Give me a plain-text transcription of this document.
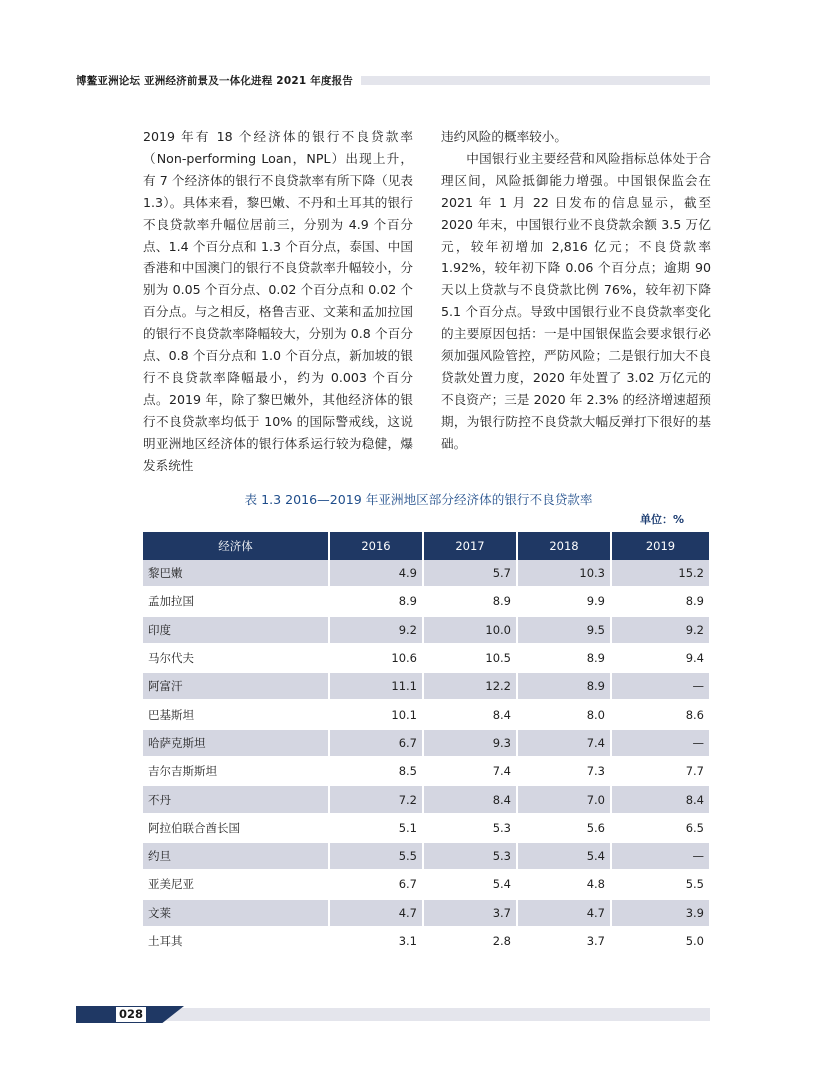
博鳌亚洲论坛 亚洲经济前景及一体化进程 2021 年度报告

2019 年有 18 个经济体的银行不良贷款率（Non-performing Loan，NPL）出现上升，有 7 个经济体的银行不良贷款率有所下降（见表 1.3）。具体来看，黎巴嫩、不丹和土耳其的银行不良贷款率升幅位居前三，分别为 4.9 个百分点、1.4 个百分点和 1.3 个百分点，泰国、中国香港和中国澳门的银行不良贷款率升幅较小，分别为 0.05 个百分点、0.02 个百分点和 0.02 个百分点。与之相反，格鲁吉亚、文莱和孟加拉国的银行不良贷款率降幅较大，分别为 0.8 个百分点、0.8 个百分点和 1.0 个百分点，新加坡的银行不良贷款率降幅最小，约为 0.003 个百分点。2019 年，除了黎巴嫩外，其他经济体的银行不良贷款率均低于 10% 的国际警戒线，这说明亚洲地区经济体的银行体系运行较为稳健，爆发系统性

违约风险的概率较小。

中国银行业主要经营和风险指标总体处于合理区间，风险抵御能力增强。中国银保监会在 2021 年 1 月 22 日发布的信息显示，截至 2020 年末，中国银行业不良贷款余额 3.5 万亿元，较年初增加 2,816 亿元；不良贷款率 1.92%，较年初下降 0.06 个百分点；逾期 90 天以上贷款与不良贷款比例 76%，较年初下降 5.1 个百分点。导致中国银行业不良贷款率变化的主要原因包括：一是中国银保监会要求银行必须加强风险管控，严防风险；二是银行加大不良贷款处置力度，2020 年处置了 3.02 万亿元的不良资产；三是 2020 年 2.3% 的经济增速超预期，为银行防控不良贷款大幅反弹打下很好的基础。

表 1.3 2016—2019 年亚洲地区部分经济体的银行不良贷款率
单位：%
经济体	2016	2017	2018	2019
黎巴嫩	4.9	5.7	10.3	15.2
孟加拉国	8.9	8.9	9.9	8.9
印度	9.2	10.0	9.5	9.2
马尔代夫	10.6	10.5	8.9	9.4
阿富汗	11.1	12.2	8.9	—
巴基斯坦	10.1	8.4	8.0	8.6
哈萨克斯坦	6.7	9.3	7.4	—
吉尔吉斯斯坦	8.5	7.4	7.3	7.7
不丹	7.2	8.4	7.0	8.4
阿拉伯联合酋长国	5.1	5.3	5.6	6.5
约旦	5.5	5.3	5.4	—
亚美尼亚	6.7	5.4	4.8	5.5
文莱	4.7	3.7	4.7	3.9
土耳其	3.1	2.8	3.7	5.0
028
